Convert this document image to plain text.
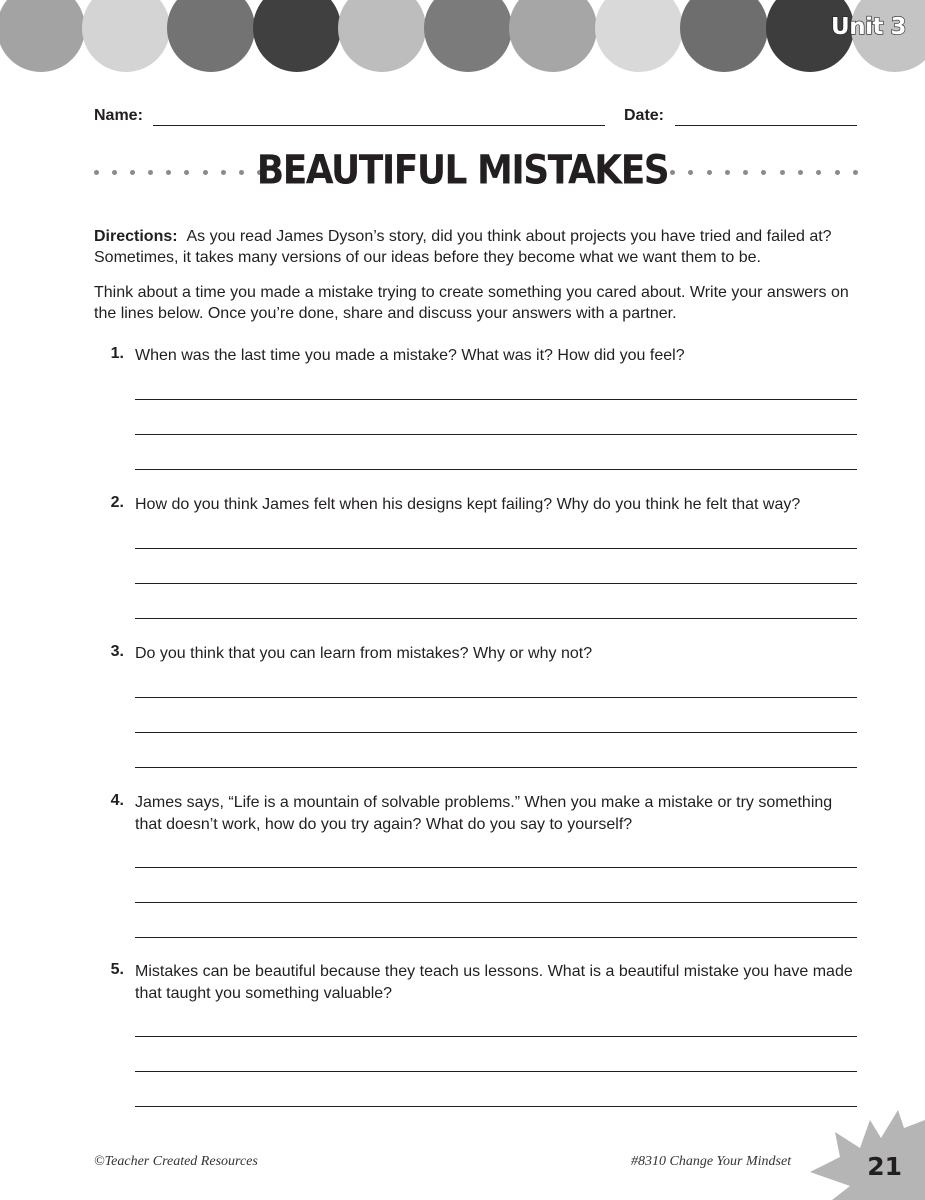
Unit 3
Name:	Date:
BEAUTIFUL MISTAKES

Directions: As you read James Dyson’s story, did you think about projects you have tried and failed at? Sometimes, it takes many versions of our ideas before they become what we want them to be.

Think about a time you made a mistake trying to create something you cared about. Write your answers on the lines below. Once you’re done, share and discuss your answers with a partner.

1. When was the last time you made a mistake? What was it? How did you feel?
2. How do you think James felt when his designs kept failing? Why do you think he felt that way?
3. Do you think that you can learn from mistakes? Why or why not?
4. James says, “Life is a mountain of solvable problems.” When you make a mistake or try something that doesn’t work, how do you try again? What do you say to yourself?
5. Mistakes can be beautiful because they teach us lessons. What is a beautiful mistake you have made that taught you something valuable?
©Teacher Created Resources	#8310 Change Your Mindset	21
